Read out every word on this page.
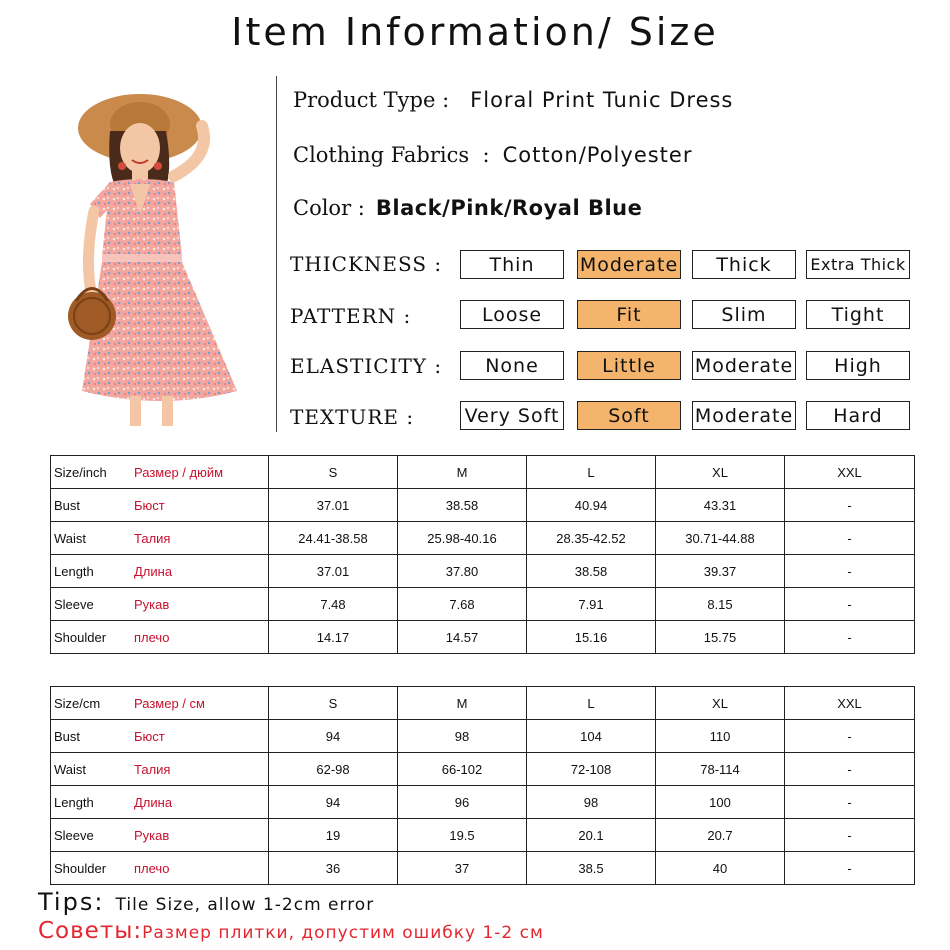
Item Information/ Size
Product Type : Floral Print Tunic Dress
Clothing Fabrics  : Cotton/Polyester
Color : Black/Pink/Royal Blue
THICKNESS :	Thin	Moderate	Thick	Extra Thick
PATTERN :	Loose	Fit	Slim	Tight
ELASTICITY :	None	Little	Moderate	High
TEXTURE :	Very Soft	Soft	Moderate	Hard
Size/inch Размер / дюйм	S	M	L	XL	XXL
Bust Бюст	37.01	38.58	40.94	43.31	-
Waist Талия	24.41-38.58	25.98-40.16	28.35-42.52	30.71-44.88	-
Length Длина	37.01	37.80	38.58	39.37	-
Sleeve Рукав	7.48	7.68	7.91	8.15	-
Shoulder плечо	14.17	14.57	15.16	15.75	-
Size/cm Размер / см	S	M	L	XL	XXL
Bust Бюст	94	98	104	110	-
Waist Талия	62-98	66-102	72-108	78-114	-
Length Длина	94	96	98	100	-
Sleeve Рукав	19	19.5	20.1	20.7	-
Shoulder плечо	36	37	38.5	40	-
Tips: Tile Size, allow 1-2cm error
Советы:Размер плитки, допустим ошибку 1-2 см
